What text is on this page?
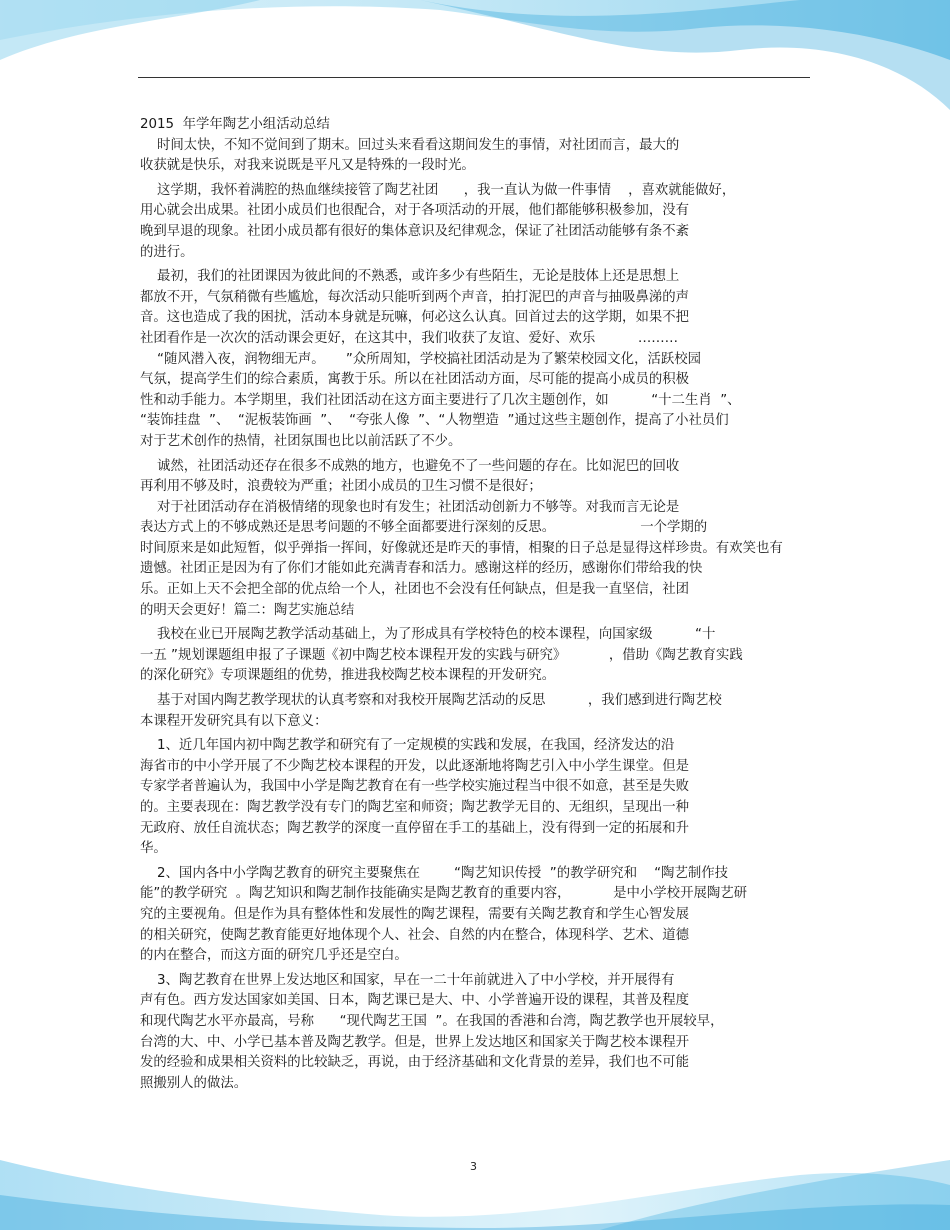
2015  年学年陶艺小组活动总结

时间太快，不知不觉间到了期末。回过头来看看这期间发生的事情，对社团而言，最大的

收获就是快乐，对我来说既是平凡又是特殊的一段时光。

这学期，我怀着满腔的热血继续接管了陶艺社团      ，我一直认为做一件事情    ，喜欢就能做好，

用心就会出成果。社团小成员们也很配合，对于各项活动的开展，他们都能够积极参加，没有

晚到早退的现象。社团小成员都有很好的集体意识及纪律观念，保证了社团活动能够有条不紊

的进行。

最初，我们的社团课因为彼此间的不熟悉，或许多少有些陌生，无论是肢体上还是思想上

都放不开，气氛稍微有些尴尬，每次活动只能听到两个声音，拍打泥巴的声音与抽吸鼻涕的声

音。这也造成了我的困扰，活动本身就是玩嘛，何必这么认真。回首过去的这学期，如果不把

社团看作是一次次的活动课会更好，在这其中，我们收获了友谊、爱好、欢乐          ………

“随风潜入夜，润物细无声。     ”众所周知，学校搞社团活动是为了繁荣校园文化，活跃校园

气氛，提高学生们的综合素质，寓教于乐。所以在社团活动方面，尽可能的提高小成员的积极

性和动手能力。本学期里，我们社团活动在这方面主要进行了几次主题创作，如          “十二生肖  ”、

“装饰挂盘  ”、  “泥板装饰画  ”、  “夸张人像  ”、“人物塑造  ”通过这些主题创作，提高了小社员们

对于艺术创作的热情，社团氛围也比以前活跃了不少。

诚然，社团活动还存在很多不成熟的地方，也避免不了一些问题的存在。比如泥巴的回收

再利用不够及时，浪费较为严重；社团小成员的卫生习惯不是很好；

对于社团活动存在消极情绪的现象也时有发生；社团活动创新力不够等。对我而言无论是

表达方式上的不够成熟还是思考问题的不够全面都要进行深刻的反思。                    一个学期的

时间原来是如此短暂，似乎弹指一挥间，好像就还是昨天的事情，相聚的日子总是显得这样珍贵。有欢笑也有

遗憾。社团正是因为有了你们才能如此充满青春和活力。感谢这样的经历，感谢你们带给我的快

乐。正如上天不会把全部的优点给一个人，社团也不会没有任何缺点，但是我一直坚信，社团

的明天会更好！篇二：陶艺实施总结

我校在业已开展陶艺教学活动基础上，为了形成具有学校特色的校本课程，向国家级          “十

一五 ”规划课题组申报了子课题《初中陶艺校本课程开发的实践与研究》          ，借助《陶艺教育实践

的深化研究》专项课题组的优势，推进我校陶艺校本课程的开发研究。

基于对国内陶艺教学现状的认真考察和对我校开展陶艺活动的反思          ，我们感到进行陶艺校

本课程开发研究具有以下意义：

1、近几年国内初中陶艺教学和研究有了一定规模的实践和发展，在我国，经济发达的沿

海省市的中小学开展了不少陶艺校本课程的开发，以此逐渐地将陶艺引入中小学生课堂。但是

专家学者普遍认为，我国中小学是陶艺教育在有一些学校实施过程当中很不如意，甚至是失败

的。主要表现在：陶艺教学没有专门的陶艺室和师资；陶艺教学无目的、无组织，呈现出一种

无政府、放任自流状态；陶艺教学的深度一直停留在手工的基础上，没有得到一定的拓展和升

华。

2、国内各中小学陶艺教育的研究主要聚焦在        “陶艺知识传授  ”的教学研究和    “陶艺制作技

能”的教学研究  。陶艺知识和陶艺制作技能确实是陶艺教育的重要内容，          是中小学校开展陶艺研

究的主要视角。但是作为具有整体性和发展性的陶艺课程，需要有关陶艺教育和学生心智发展

的相关研究，使陶艺教育能更好地体现个人、社会、自然的内在整合，体现科学、艺术、道德

的内在整合，而这方面的研究几乎还是空白。

3、陶艺教育在世界上发达地区和国家，早在一二十年前就进入了中小学校，并开展得有

声有色。西方发达国家如美国、日本，陶艺课已是大、中、小学普遍开设的课程，其普及程度

和现代陶艺水平亦最高，号称      “现代陶艺王国  ”。在我国的香港和台湾，陶艺教学也开展较早，

台湾的大、中、小学已基本普及陶艺教学。但是，世界上发达地区和国家关于陶艺校本课程开

发的经验和成果相关资料的比较缺乏，再说，由于经济基础和文化背景的差异，我们也不可能

照搬别人的做法。

3
